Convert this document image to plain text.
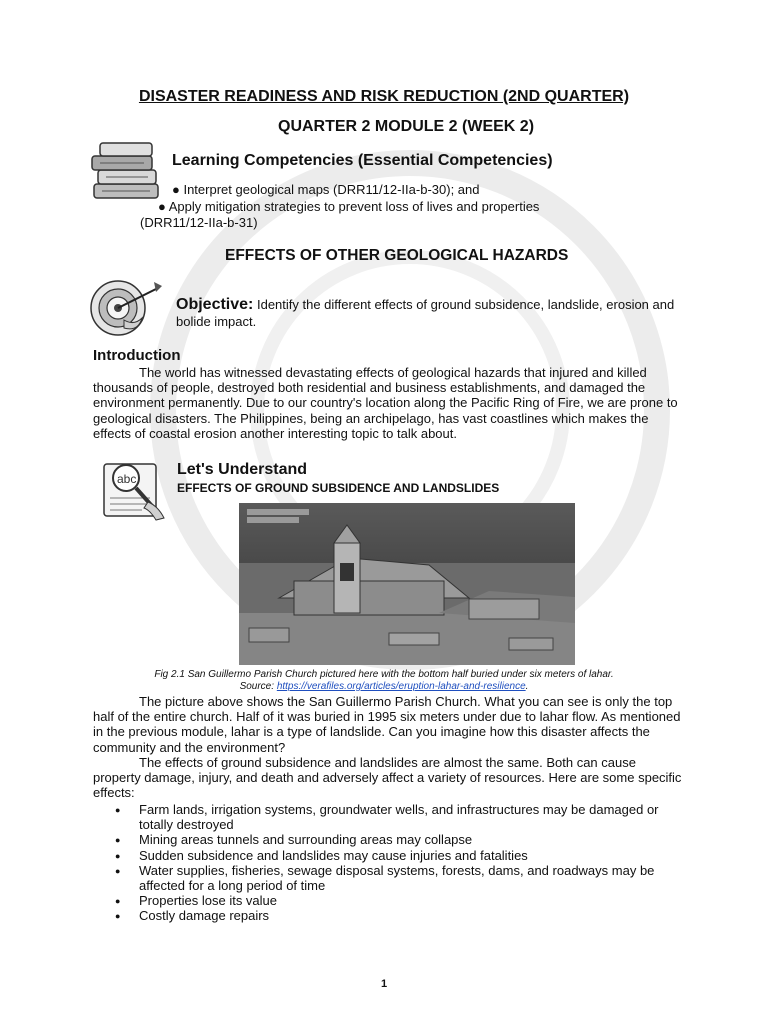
DISASTER READINESS AND RISK REDUCTION (2ND QUARTER)
QUARTER 2 MODULE 2 (WEEK 2)
Learning Competencies (Essential Competencies)
● Interpret geological maps (DRR11/12-IIa-b-30); and
● Apply mitigation strategies to prevent loss of lives and properties
(DRR11/12-IIa-b-31)
EFFECTS OF OTHER GEOLOGICAL HAZARDS
Objective: Identify the different effects of ground subsidence, landslide, erosion and bolide impact.
Introduction

The world has witnessed devastating effects of geological hazards that injured and killed thousands of people, destroyed both residential and business establishments, and damaged the environment permanently. Due to our country's location along the Pacific Ring of Fire, we are prone to geological disasters. The Philippines, being an archipelago, has vast coastlines which makes the effects of coastal erosion another interesting topic to talk about.

abc
Let's Understand
EFFECTS OF GROUND SUBSIDENCE AND LANDSLIDES
Fig 2.1 San Guillermo Parish Church pictured here with the bottom half buried under six meters of lahar.
Source: https://verafiles.org/articles/eruption-lahar-and-resilience.

The picture above shows the San Guillermo Parish Church. What you can see is only the top half of the entire church. Half of it was buried in 1995 six meters under due to lahar flow. As mentioned in the previous module, lahar is a type of landslide. Can you imagine how this disaster affects the community and the environment?

The effects of ground subsidence and landslides are almost the same. Both can cause property damage, injury, and death and adversely affect a variety of resources. Here are some specific effects:

● Farm lands, irrigation systems, groundwater wells, and infrastructures may be damaged or totally destroyed
● Mining areas tunnels and surrounding areas may collapse
● Sudden subsidence and landslides may cause injuries and fatalities
● Water supplies, fisheries, sewage disposal systems, forests, dams, and roadways may be affected for a long period of time
● Properties lose its value
● Costly damage repairs
1
